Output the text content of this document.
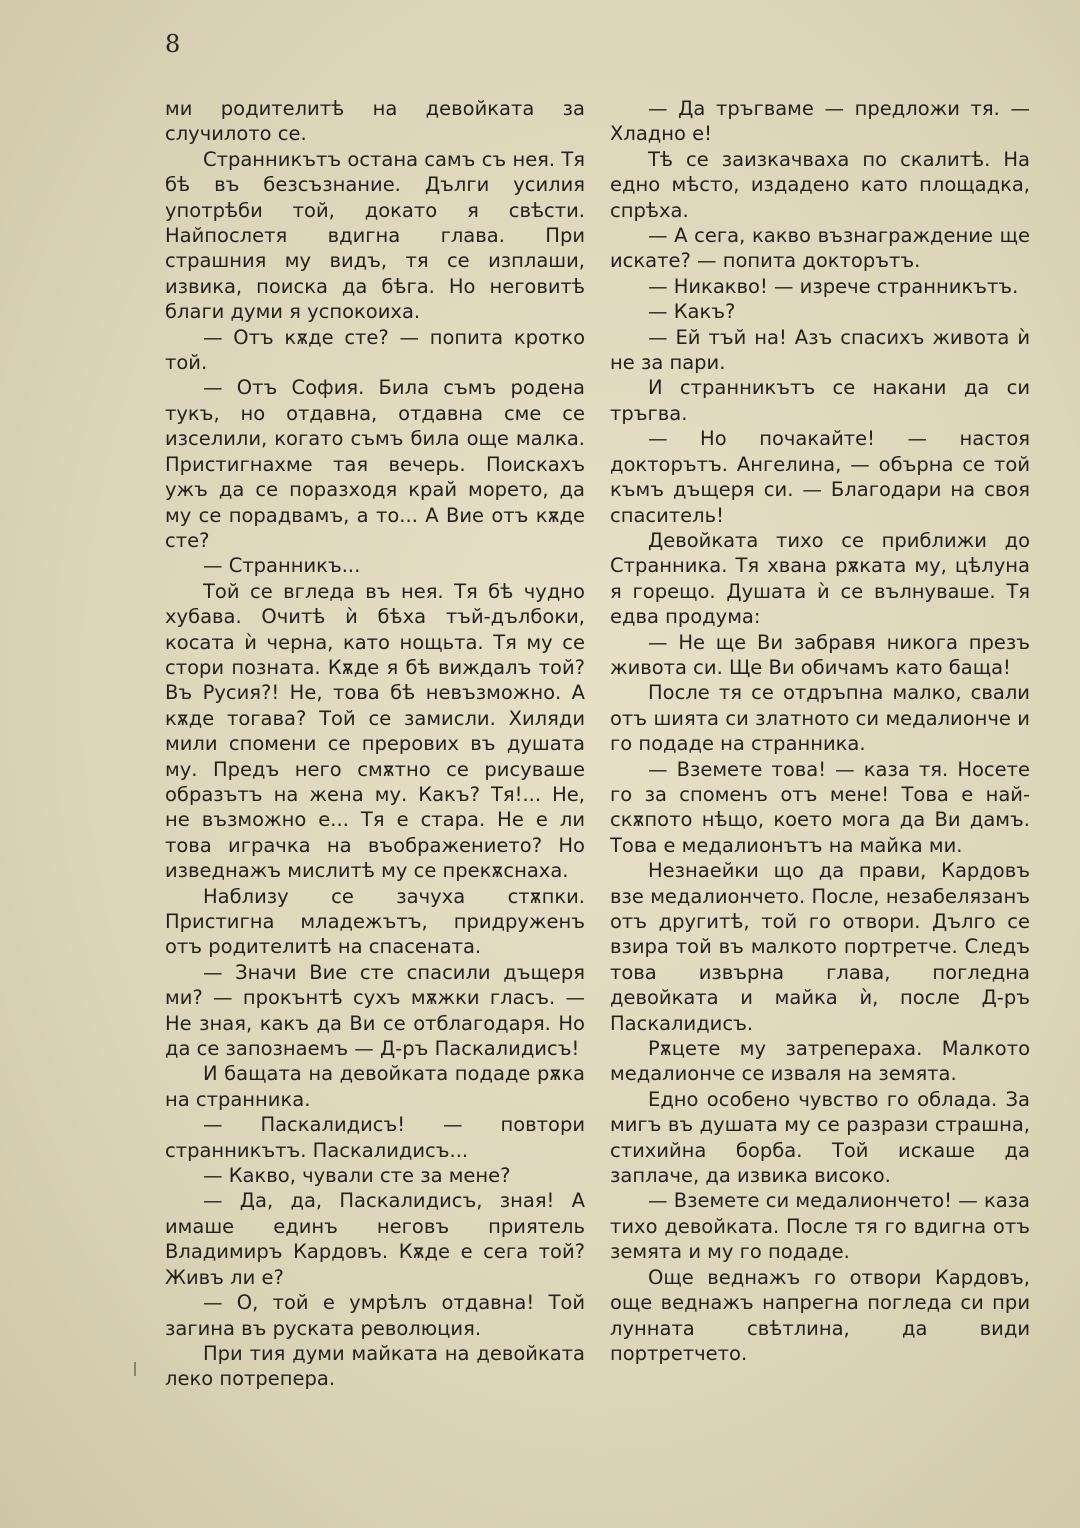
8

ми родителитѣ на девойката за случилото се.

Странникътъ остана самъ съ нея. Тя бѣ въ безсъзнание. Дълги усилия употрѣби той, докато я свѣсти. Найпослетя вдигна глава. При страшния му видъ, тя се изплаши, извика, поиска да бѣга. Но неговитѣ благи думи я успокоиха.

— Отъ кѫде сте? — попита кротко той.

— Отъ София. Била съмъ родена тукъ, но отдавна, отдавна сме се изселили, когато съмъ била още малка. Пристигнахме тая вечерь. Поискахъ ужъ да се поразходя край морето, да му се порадвамъ, а то... А Вие отъ кѫде сте?

— Странникъ...

Той се вгледа въ нея. Тя бѣ чудно хубава. Очитѣ ѝ бѣха тъй-дълбоки, косата ѝ черна, като нощьта. Тя му се стори позната. Кѫде я бѣ виждалъ той? Въ Русия?! Не, това бѣ невъзможно. А кѫде тогава? Той се замисли. Хиляди мили спомени се прерових въ душата му. Предъ него смѫтно се рисуваше образътъ на жена му. Какъ? Тя!... Не, не възможно е... Тя е стара. Не е ли това играчка на въображението? Но изведнажъ мислитѣ му се прекѫснаха.

Наблизу се зачуха стѫпки. Пристигна младежътъ, придруженъ отъ родителитѣ на спасената.

— Значи Вие сте спасили дъщеря ми? — прокънтѣ сухъ мѫжки гласъ. — Не зная, какъ да Ви се отблагодаря. Но да се запознаемъ — Д-ръ Паскалидисъ!

И бащата на девойката подаде рѫка на странника.

— Паскалидисъ! — повтори странникътъ. Паскалидисъ...

— Какво, чували сте за мене?

— Да, да, Паскалидисъ, зная! А имаше единъ неговъ приятель Владимиръ Кардовъ. Кѫде е сега той? Живъ ли е?

— О, той е умрѣлъ отдавна! Той загина въ руската революция.

При тия думи майката на девойката леко потрепера.

— Да тръгваме — предложи тя. — Хладно е!

Тѣ се заизкачваха по скалитѣ. На едно мѣсто, издадено като площадка, спрѣха.

— А сега, какво възнаграждение ще искате? — попита докторътъ.

— Никакво! — изрече странникътъ.

— Какъ?

— Ей тъй на! Азъ спасихъ живота ѝ не за пари.

И странникътъ се накани да си тръгва.

— Но почакайте! — настоя докторътъ. Ангелина, — обърна се той къмъ дъщеря си. — Благодари на своя спаситель!

Девойката тихо се приближи до Странника. Тя хвана рѫката му, цѣлуна я горещо. Душата ѝ се вълнуваше. Тя едва продума:

— Не ще Ви забравя никога презъ живота си. Ще Ви обичамъ като баща!

После тя се отдръпна малко, свали отъ шията си златното си медалионче и го подаде на странника.

— Вземете това! — каза тя. Носете го за споменъ отъ мене! Това е най-скѫпото нѣщо, което мога да Ви дамъ. Това е медалионътъ на майка ми.

Незнаейки що да прави, Кардовъ взе медалиончето. После, незабелязанъ отъ другитѣ, той го отвори. Дълго се взира той въ малкото портретче. Следъ това извърна глава, погледна девойката и майка ѝ, после Д-ръ Паскалидисъ.

Рѫцете му затрепераха. Малкото медалионче се изваля на земята.

Едно особено чувство го облада. За мигъ въ душата му се разрази страшна, стихийна борба. Той искаше да заплаче, да извика високо.

— Вземете си медалиончето! — каза тихо девойката. После тя го вдигна отъ земята и му го подаде.

Още веднажъ го отвори Кардовъ, още веднажъ напрегна погледа си при лунната свѣтлина, да види портретчето.
